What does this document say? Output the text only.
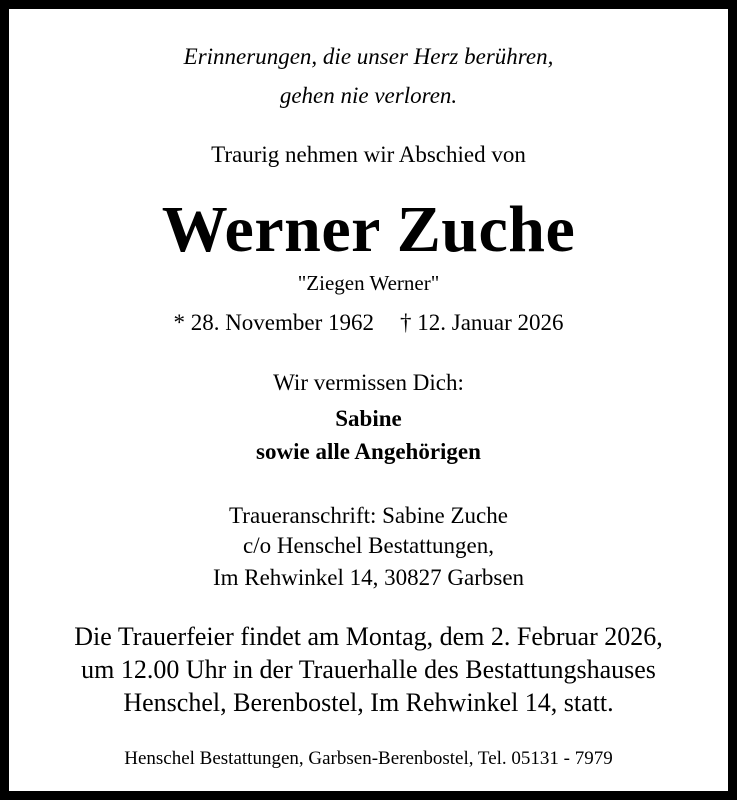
Erinnerungen, die unser Herz berühren,
gehen nie verloren.
Traurig nehmen wir Abschied von
Werner Zuche
"Ziegen Werner"
* 28. November 1962 † 12. Januar 2026
Wir vermissen Dich:
Sabine
sowie alle Angehörigen
Traueranschrift: Sabine Zuche
c/o Henschel Bestattungen,
Im Rehwinkel 14, 30827 Garbsen
Die Trauerfeier findet am Montag, dem 2. Februar 2026,
um 12.00 Uhr in der Trauerhalle des Bestattungshauses
Henschel, Berenbostel, Im Rehwinkel 14, statt.
Henschel Bestattungen, Garbsen-Berenbostel, Tel. 05131 - 7979
